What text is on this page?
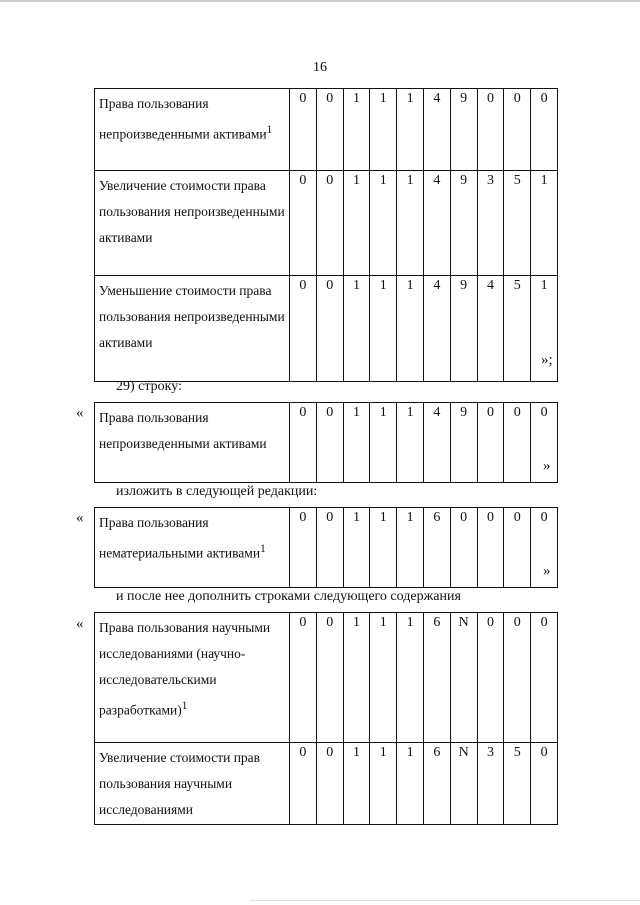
16
Права пользования непроизведенными активами$^1$	0	0	1	1	1	4	9	0	0	0
Увеличение стоимости права пользования непроизведенными активами	0	0	1	1	1	4	9	3	5	1
Уменьшение стоимости права пользования непроизведенными активами	0	0	1	1	1	4	9	4	5	1
»;
29) строку:
« Права пользования непроизведенными активами	0	0	1	1	1	4	9	0	0	0
»
изложить в следующей редакции:
« Права пользования нематериальными активами$^1$	0	0	1	1	1	6	0	0	0	0
»
и после нее дополнить строками следующего содержания
« Права пользования научными исследованиями (научно-исследовательскими разработками)$^1$	0	0	1	1	1	6	N	0	0	0
Увеличение стоимости прав пользования научными исследованиями	0	0	1	1	1	6	N	3	5	0
